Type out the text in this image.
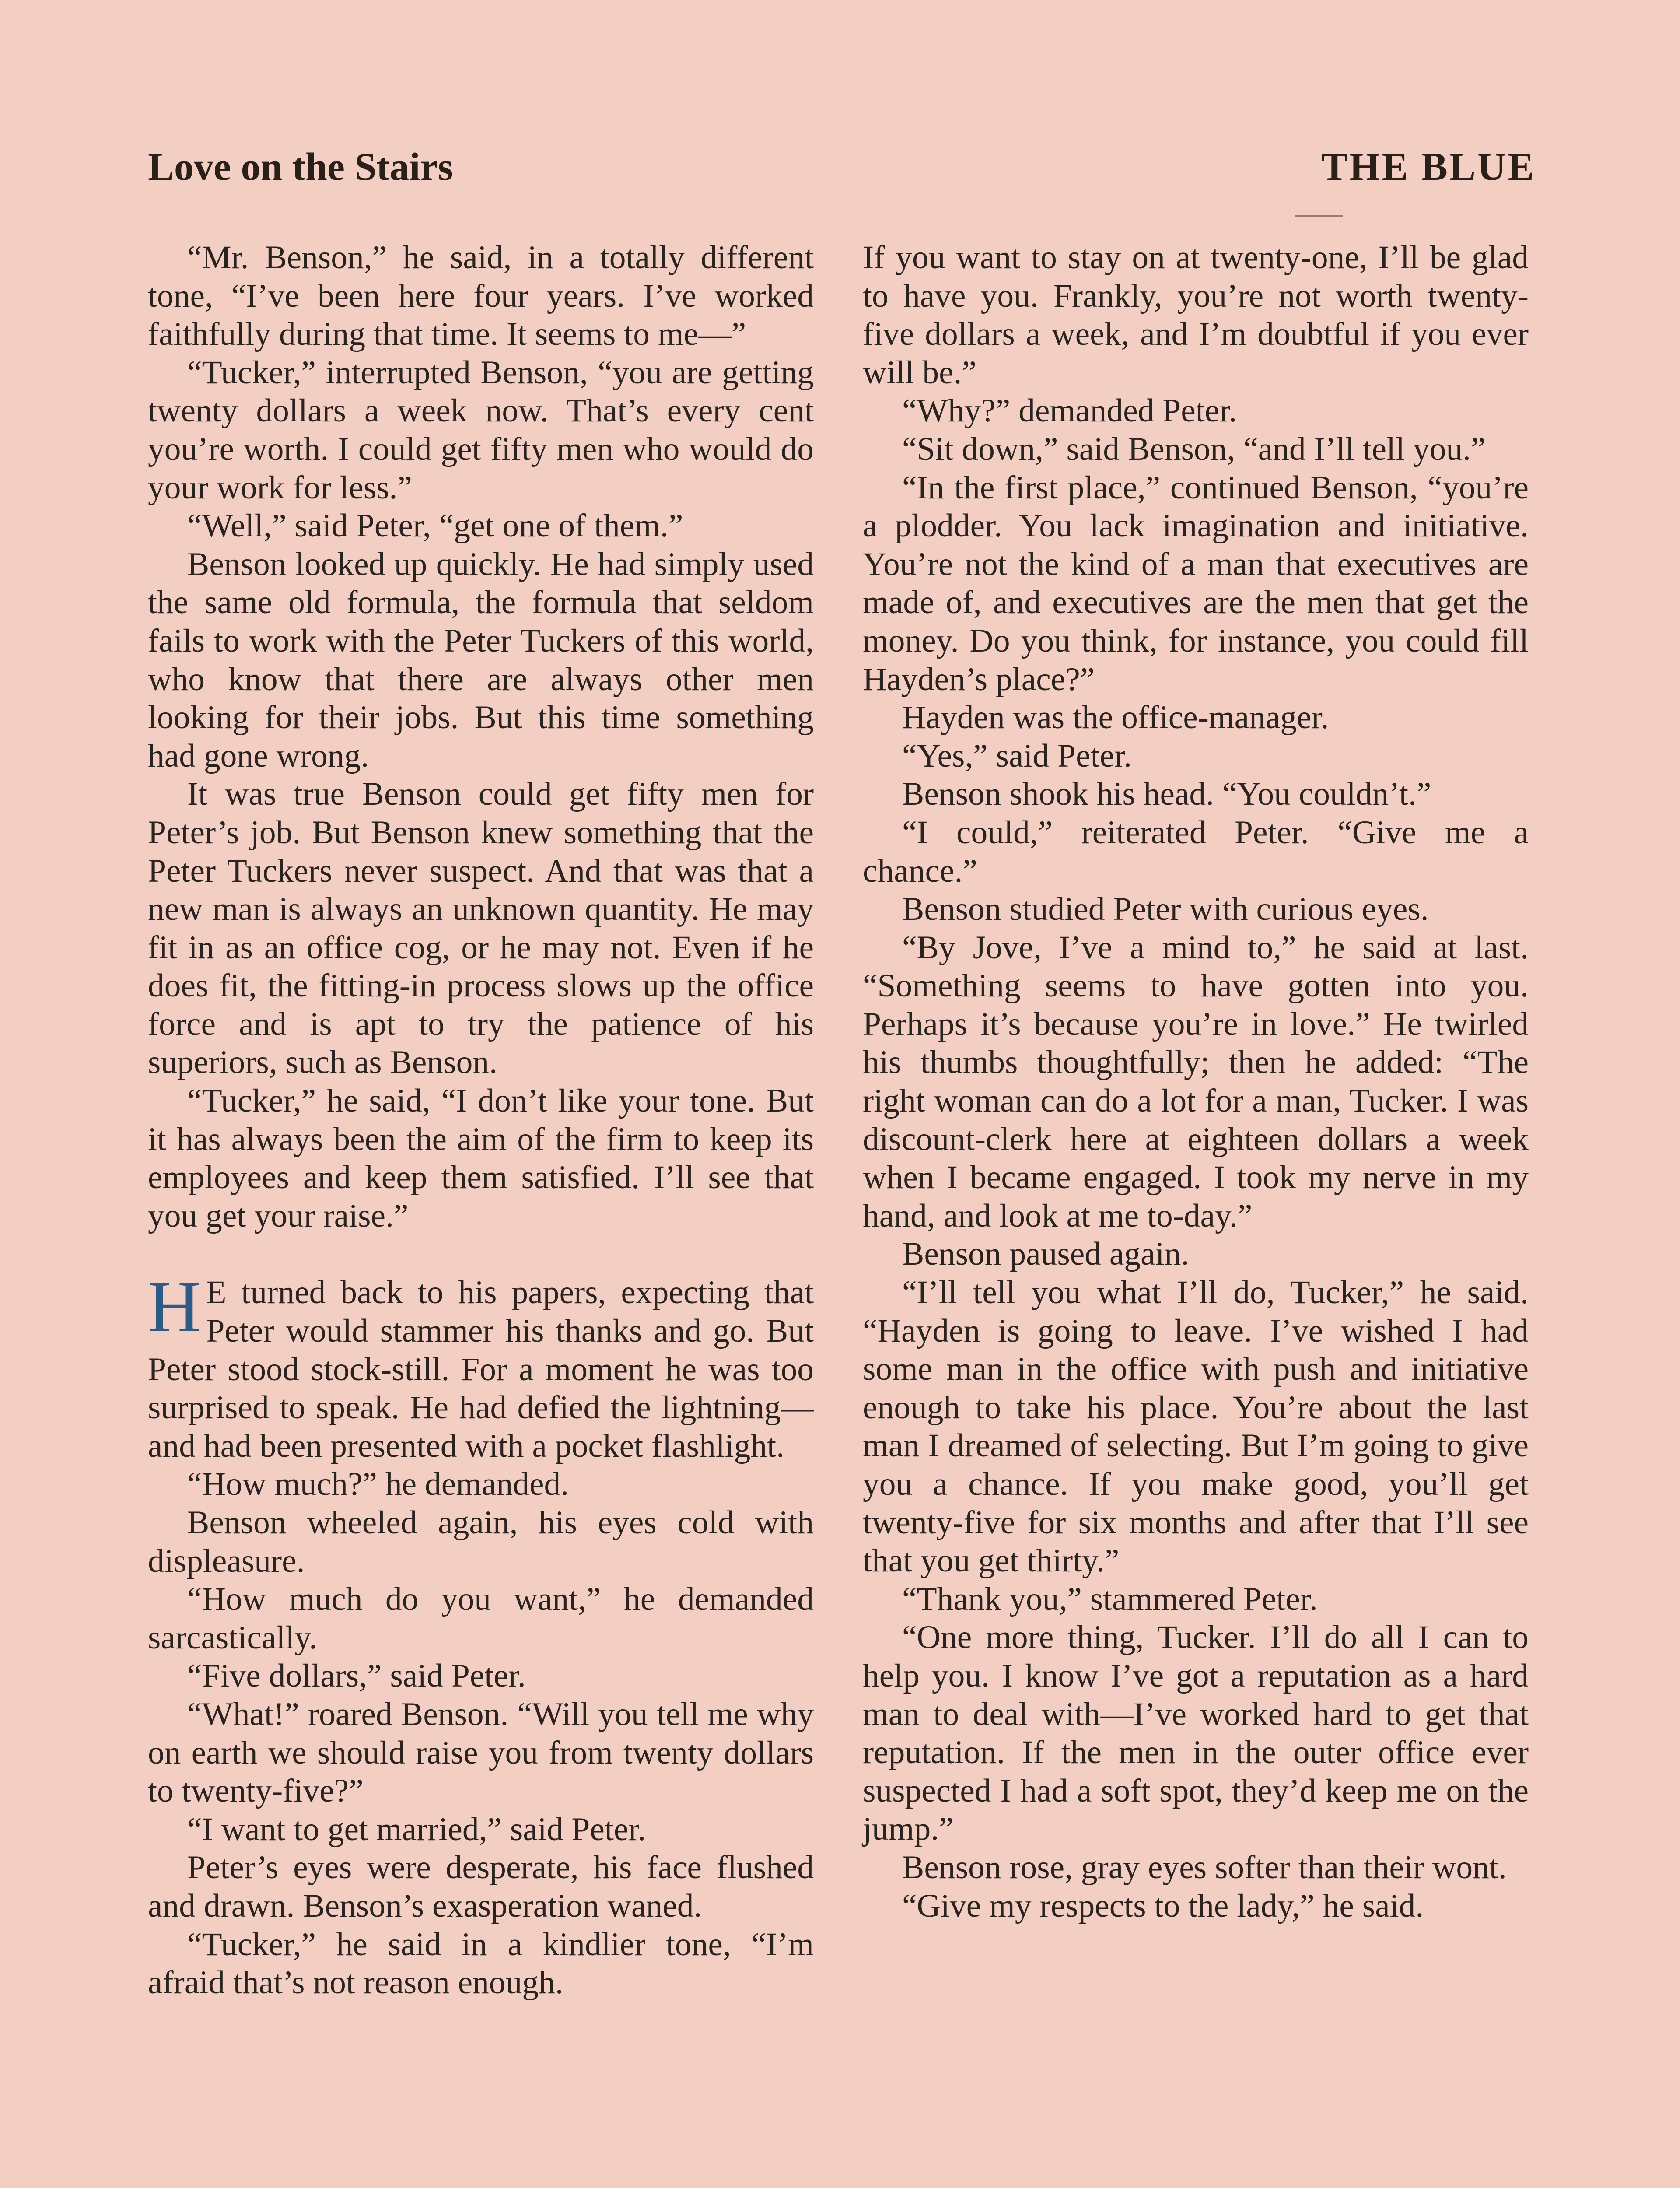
Love on the Stairs	THE BLUE

“Mr. Benson,” he said, in a totally different tone, “I’ve been here four years. I’ve worked faithfully during that time. It seems to me—”

“Tucker,” interrupted Benson, “you are getting twenty dollars a week now. That’s every cent you’re worth. I could get fifty men who would do your work for less.”

“Well,” said Peter, “get one of them.”

Benson looked up quickly. He had simply used the same old formula, the formula that seldom fails to work with the Peter Tuckers of this world, who know that there are always other men looking for their jobs. But this time something had gone wrong.

It was true Benson could get fifty men for Peter’s job. But Benson knew something that the Peter Tuckers never suspect. And that was that a new man is always an unknown quantity. He may fit in as an office cog, or he may not. Even if he does fit, the fitting-in process slows up the office force and is apt to try the patience of his superiors, such as Benson.

“Tucker,” he said, “I don’t like your tone. But it has always been the aim of the firm to keep its employees and keep them satisfied. I’ll see that you get your raise.”

H E turned back to his papers, expecting that Peter would stammer his thanks and go. But Peter stood stock-still. For a moment he was too surprised to speak. He had defied the lightning—and had been presented with a pocket flashlight.

“How much?” he demanded.

Benson wheeled again, his eyes cold with displeasure.

“How much do you want,” he demanded sarcastically.

“Five dollars,” said Peter.

“What!” roared Benson. “Will you tell me why on earth we should raise you from twenty dollars to twenty-five?”

“I want to get married,” said Peter.

Peter’s eyes were desperate, his face flushed and drawn. Benson’s exasperation waned.

“Tucker,” he said in a kindlier tone, “I’m afraid that’s not reason enough.

If you want to stay on at twenty-one, I’ll be glad to have you. Frankly, you’re not worth twenty-five dollars a week, and I’m doubtful if you ever will be.”

“Why?” demanded Peter.

“Sit down,” said Benson, “and I’ll tell you.”

“In the first place,” continued Benson, “you’re a plodder. You lack imagination and initiative. You’re not the kind of a man that executives are made of, and executives are the men that get the money. Do you think, for instance, you could fill Hayden’s place?”

Hayden was the office-manager.

“Yes,” said Peter.

Benson shook his head. “You couldn’t.”

“I could,” reiterated Peter. “Give me a chance.”

Benson studied Peter with curious eyes.

“By Jove, I’ve a mind to,” he said at last. “Something seems to have gotten into you. Perhaps it’s because you’re in love.” He twirled his thumbs thoughtfully; then he added: “The right woman can do a lot for a man, Tucker. I was discount-clerk here at eighteen dollars a week when I became engaged. I took my nerve in my hand, and look at me to-day.”

Benson paused again.

“I’ll tell you what I’ll do, Tucker,” he said. “Hayden is going to leave. I’ve wished I had some man in the office with push and initiative enough to take his place. You’re about the last man I dreamed of selecting. But I’m going to give you a chance. If you make good, you’ll get twenty-five for six months and after that I’ll see that you get thirty.”

“Thank you,” stammered Peter.

“One more thing, Tucker. I’ll do all I can to help you. I know I’ve got a reputation as a hard man to deal with—I’ve worked hard to get that reputation. If the men in the outer office ever suspected I had a soft spot, they’d keep me on the jump.”

Benson rose, gray eyes softer than their wont.

“Give my respects to the lady,” he said.
